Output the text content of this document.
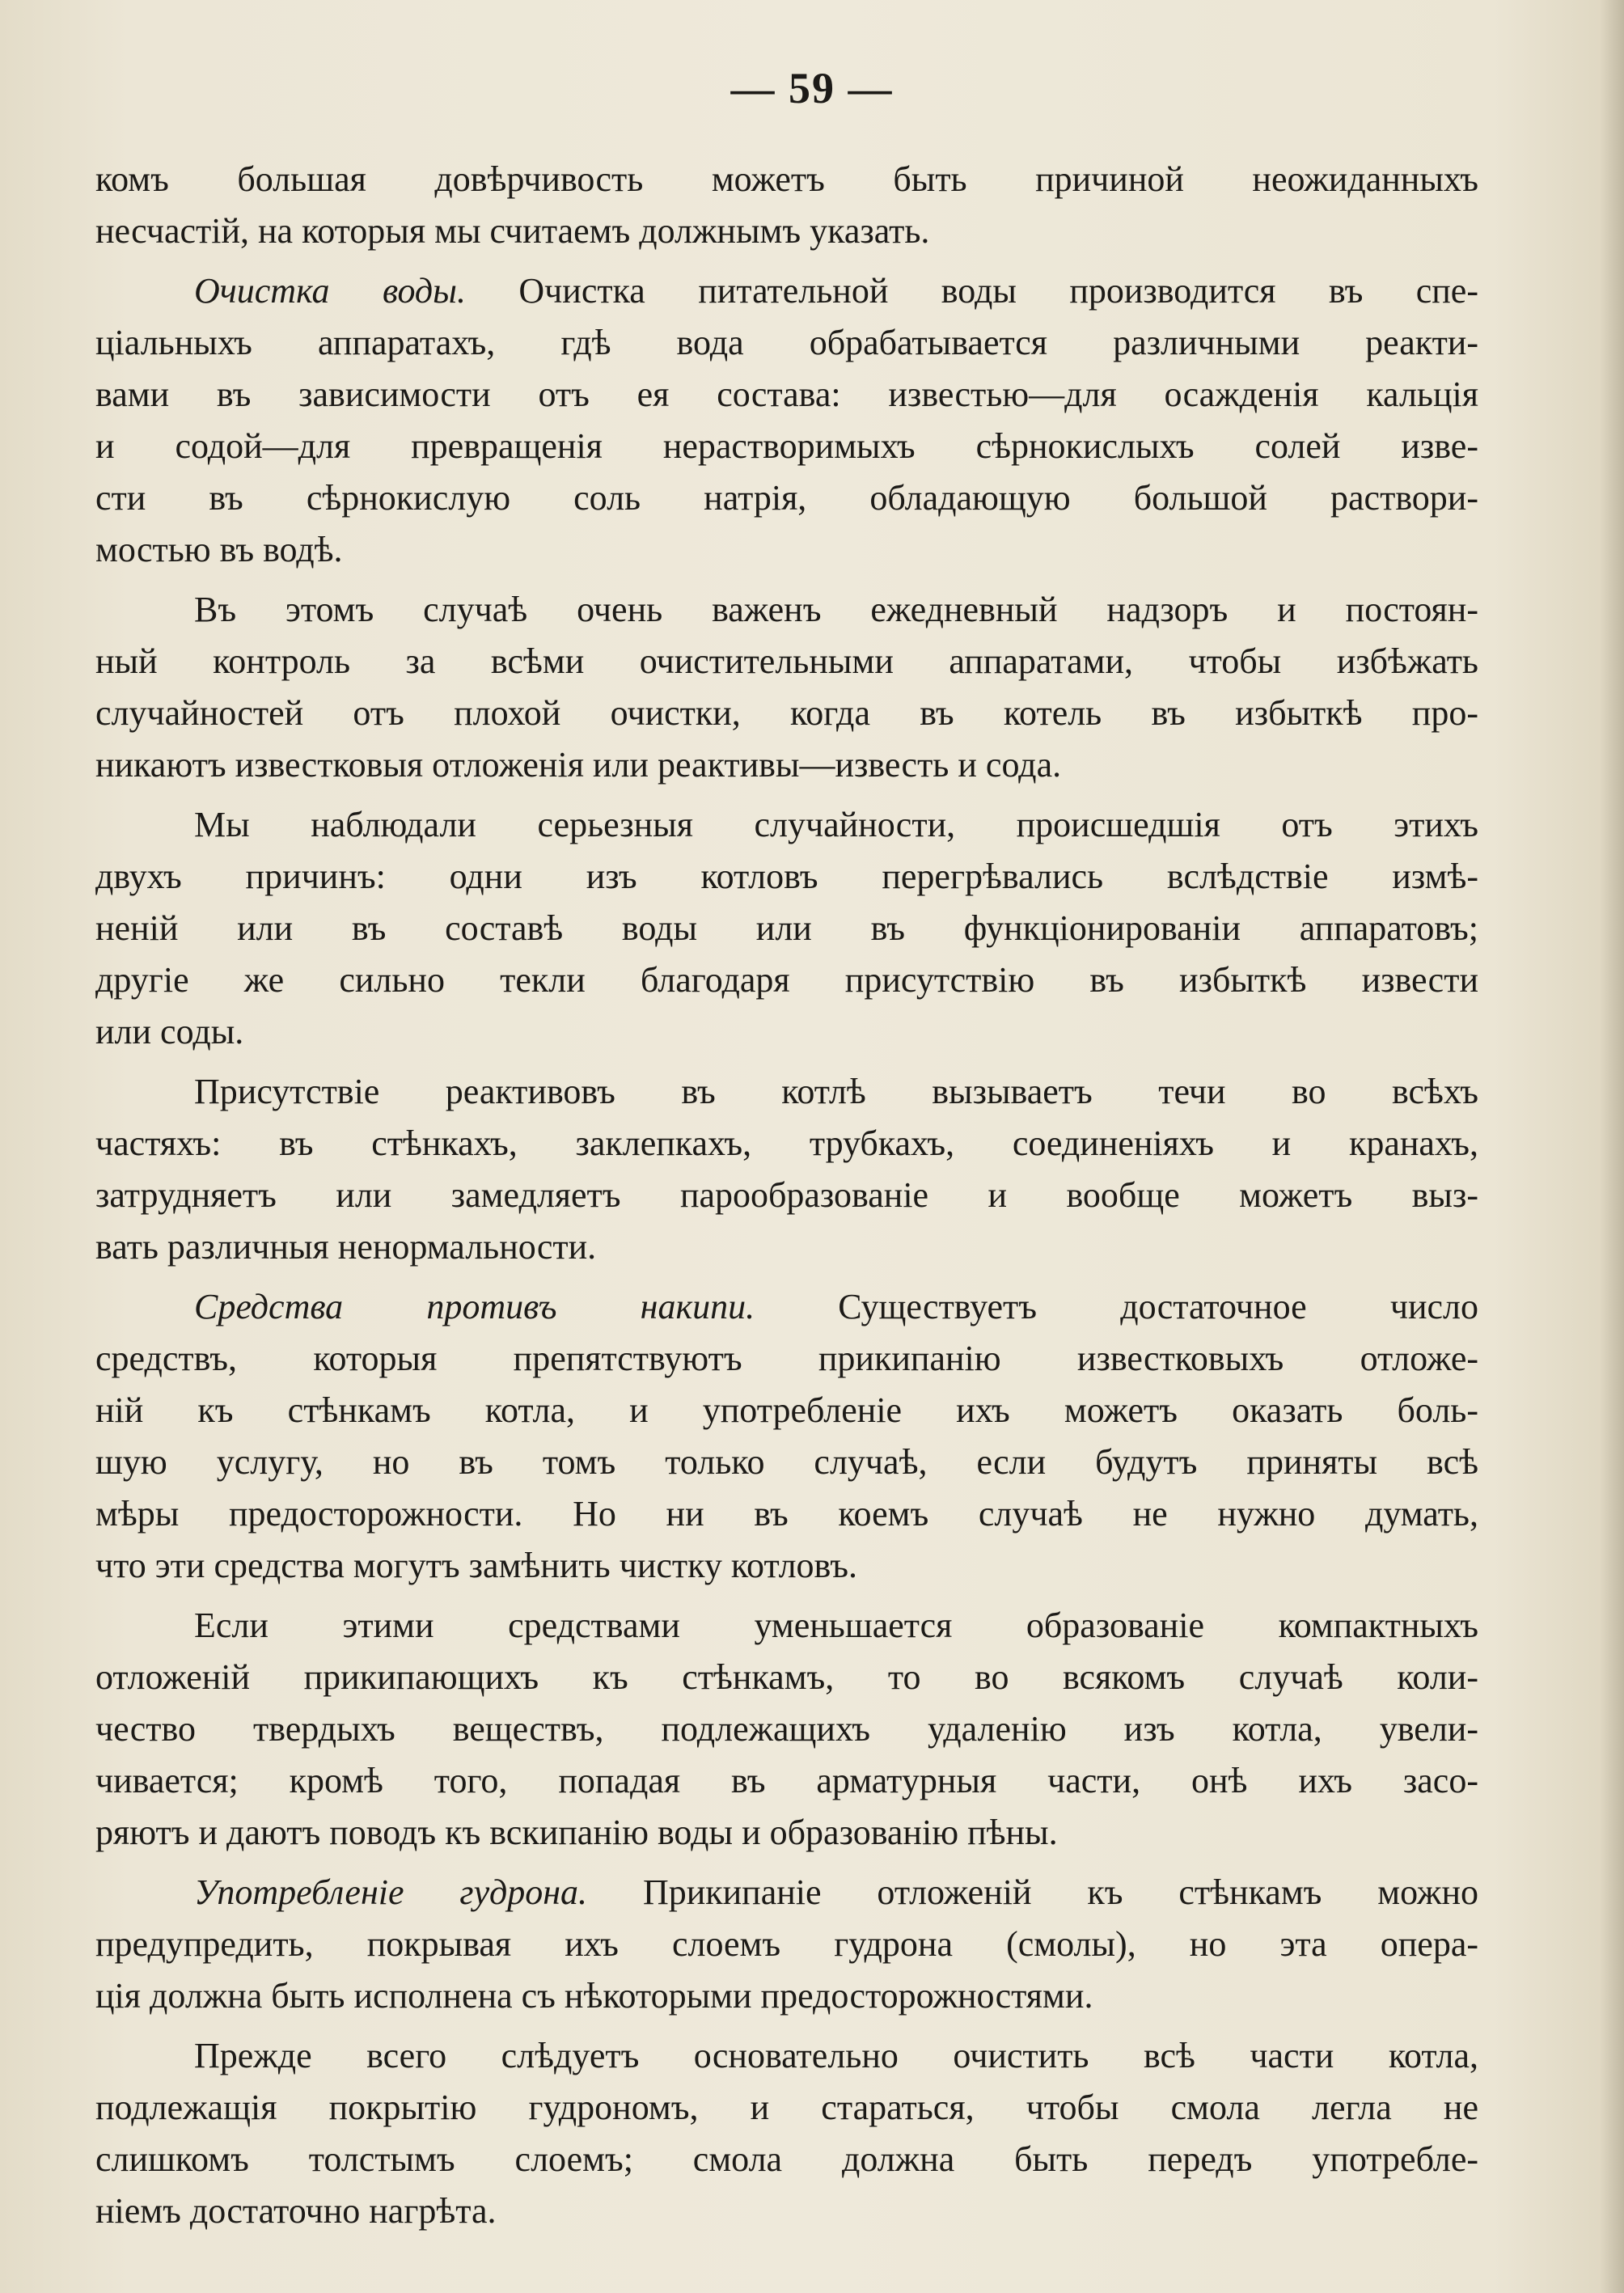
— 59 —
комъ большая довѣрчивость можетъ быть причиной неожиданныхъ
несчастій, на которыя мы считаемъ должнымъ указать.
Очистка воды. Очистка питательной воды производится въ спе-
ціальныхъ аппаратахъ, гдѣ вода обрабатывается различными реакти-
вами въ зависимости отъ ея состава: известью—для осажденія кальція
и содой—для превращенія нерастворимыхъ сѣрнокислыхъ солей изве-
сти въ сѣрнокислую соль натрія, обладающую большой раствори-
мостью въ водѣ.
Въ этомъ случаѣ очень важенъ ежедневный надзоръ и постоян-
ный контроль за всѣми очистительными аппаратами, чтобы избѣжать
случайностей отъ плохой очистки, когда въ котель въ избыткѣ про-
никаютъ известковыя отложенія или реактивы—известь и сода.
Мы наблюдали серьезныя случайности, происшедшія отъ этихъ
двухъ причинъ: одни изъ котловъ перегрѣвались вслѣдствіе измѣ-
неній или въ составѣ воды или въ функціонированіи аппаратовъ;
другіе же сильно текли благодаря присутствію въ избыткѣ извести
или соды.
Присутствіе реактивовъ въ котлѣ вызываетъ течи во всѣхъ
частяхъ: въ стѣнкахъ, заклепкахъ, трубкахъ, соединеніяхъ и кранахъ,
затрудняетъ или замедляетъ парообразованіе и вообще можетъ выз-
вать различныя ненормальности.
Средства противъ накипи. Существуетъ достаточное число
средствъ, которыя препятствуютъ прикипанію известковыхъ отложе-
ній къ стѣнкамъ котла, и употребленіе ихъ можетъ оказать боль-
шую услугу, но въ томъ только случаѣ, если будутъ приняты всѣ
мѣры предосторожности. Но ни въ коемъ случаѣ не нужно думать,
что эти средства могутъ замѣнить чистку котловъ.
Если этими средствами уменьшается образованіе компактныхъ
отложеній прикипающихъ къ стѣнкамъ, то во всякомъ случаѣ коли-
чество твердыхъ веществъ, подлежащихъ удаленію изъ котла, увели-
чивается; кромѣ того, попадая въ арматурныя части, онѣ ихъ засо-
ряютъ и даютъ поводъ къ вскипанію воды и образованію пѣны.
Употребленіе гудрона. Прикипаніе отложеній къ стѣнкамъ можно
предупредить, покрывая ихъ слоемъ гудрона (смолы), но эта опера-
ція должна быть исполнена съ нѣкоторыми предосторожностями.
Прежде всего слѣдуетъ основательно очистить всѣ части котла,
подлежащія покрытію гудрономъ, и стараться, чтобы смола легла не
слишкомъ толстымъ слоемъ; смола должна быть передъ употребле-
ніемъ достаточно нагрѣта.
